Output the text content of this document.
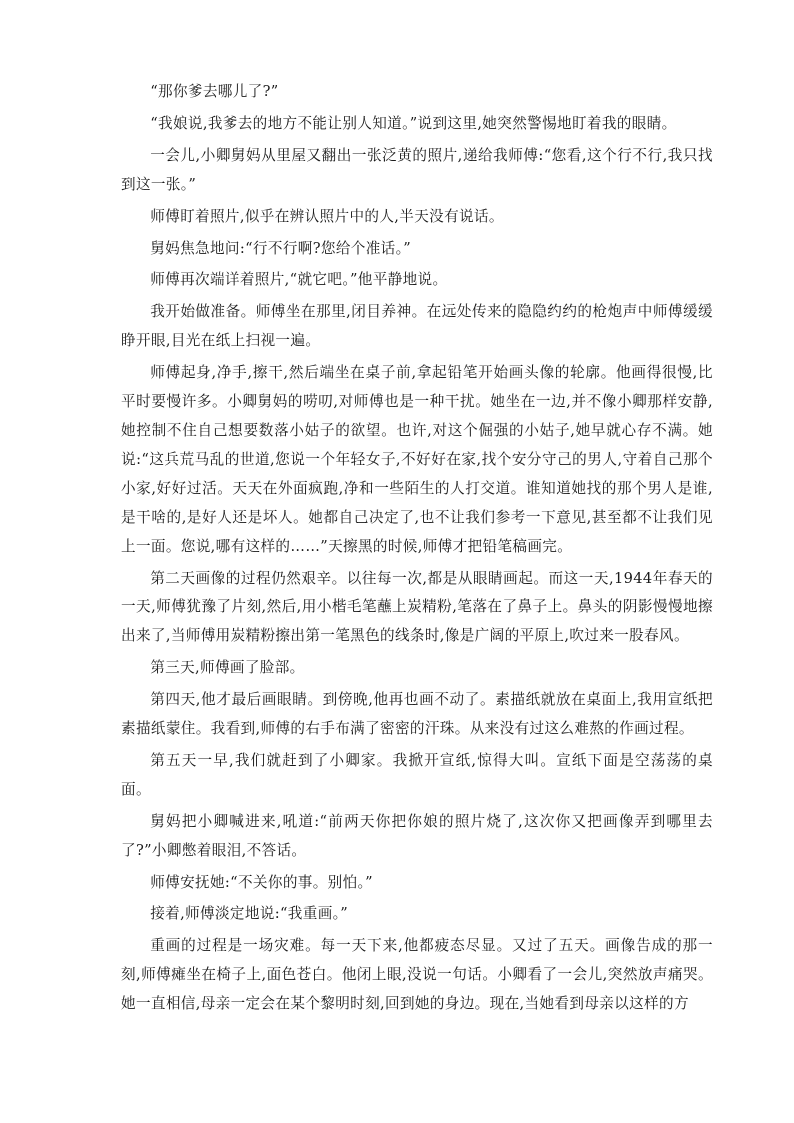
“那你爹去哪儿了?”

“我娘说,我爹去的地方不能让别人知道。”说到这里,她突然警惕地盯着我的眼睛。

一会儿,小卿舅妈从里屋又翻出一张泛黄的照片,递给我师傅:“您看,这个行不行,我只找到这一张。”

师傅盯着照片,似乎在辨认照片中的人,半天没有说话。

舅妈焦急地问:“行不行啊?您给个准话。”

师傅再次端详着照片,“就它吧。”他平静地说。

我开始做准备。师傅坐在那里,闭目养神。在远处传来的隐隐约约的枪炮声中师傅缓缓睁开眼,目光在纸上扫视一遍。

师傅起身,净手,擦干,然后端坐在桌子前,拿起铅笔开始画头像的轮廓。他画得很慢,比平时要慢许多。小卿舅妈的唠叨,对师傅也是一种干扰。她坐在一边,并不像小卿那样安静,她控制不住自己想要数落小姑子的欲望。也许,对这个倔强的小姑子,她早就心存不满。她说:“这兵荒马乱的世道,您说一个年轻女子,不好好在家,找个安分守己的男人,守着自己那个小家,好好过活。天天在外面疯跑,净和一些陌生的人打交道。谁知道她找的那个男人是谁,是干啥的,是好人还是坏人。她都自己决定了,也不让我们参考一下意见,甚至都不让我们见上一面。您说,哪有这样的……”天擦黑的时候,师傅才把铅笔稿画完。

第二天画像的过程仍然艰辛。以往每一次,都是从眼睛画起。而这一天,1944年春天的一天,师傅犹豫了片刻,然后,用小楷毛笔蘸上炭精粉,笔落在了鼻子上。鼻头的阴影慢慢地擦出来了,当师傅用炭精粉擦出第一笔黑色的线条时,像是广阔的平原上,吹过来一股春风。

第三天,师傅画了脸部。

第四天,他才最后画眼睛。到傍晚,他再也画不动了。素描纸就放在桌面上,我用宣纸把素描纸蒙住。我看到,师傅的右手布满了密密的汗珠。从来没有过这么难熬的作画过程。

第五天一早,我们就赶到了小卿家。我掀开宣纸,惊得大叫。宣纸下面是空荡荡的桌面。

舅妈把小卿喊进来,吼道:“前两天你把你娘的照片烧了,这次你又把画像弄到哪里去了?”小卿憋着眼泪,不答话。

师傅安抚她:“不关你的事。别怕。”

接着,师傅淡定地说:“我重画。”

重画的过程是一场灾难。每一天下来,他都疲态尽显。又过了五天。画像告成的那一刻,师傅瘫坐在椅子上,面色苍白。他闭上眼,没说一句话。小卿看了一会儿,突然放声痛哭。她一直相信,母亲一定会在某个黎明时刻,回到她的身边。现在,当她看到母亲以这样的方
